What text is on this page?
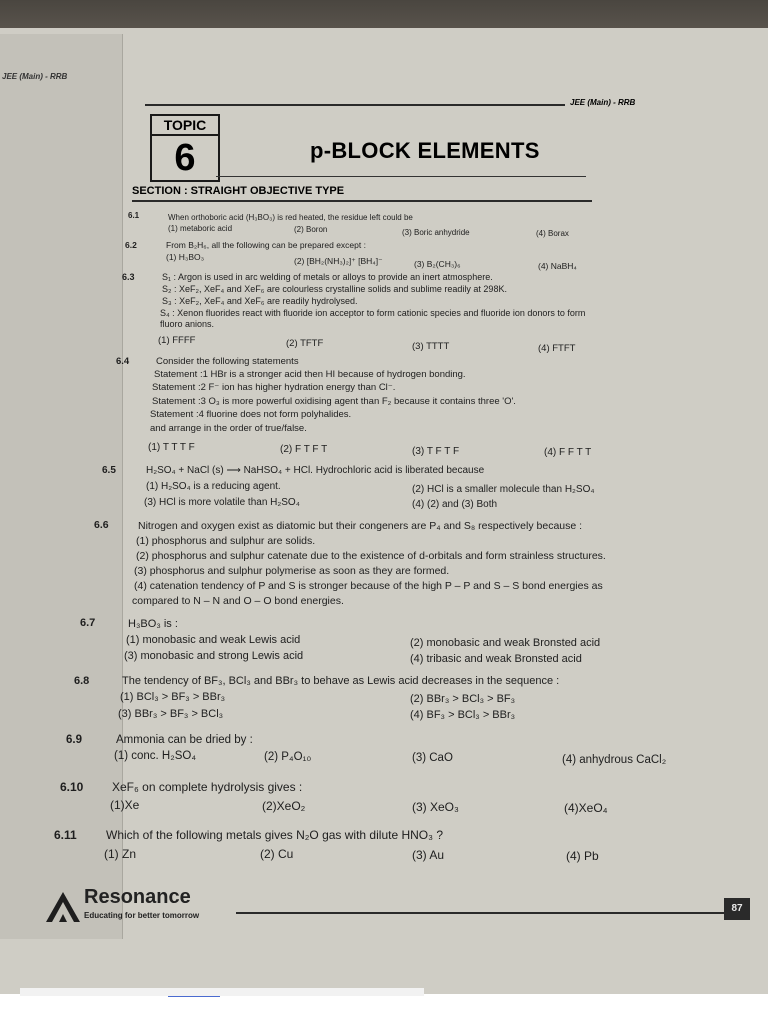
JEE (Main) - RRB
JEE (Main) - RRB
TOPIC
6	p-BLOCK ELEMENTS
SECTION : STRAIGHT OBJECTIVE TYPE
6.1	When orthoboric acid (H₃BO₃) is red heated, the residue left could be
(1) metaboric acid	(2) Boron	(3) Boric anhydride	(4) Borax
6.2	From B₂H₆, all the following can be prepared except :
(1) H₃BO₃	(2) [BH₂(NH₃)₂]⁺ [BH₄]⁻	(3) B₂(CH₃)₆	(4) NaBH₄
6.3	S₁ : Argon is used in arc welding of metals or alloys to provide an inert atmosphere.
S₂ : XeF₂, XeF₄ and XeF₆ are colourless crystalline solids and sublime readily at 298K.
S₃ : XeF₂, XeF₄ and XeF₆ are readily hydrolysed.
S₄ : Xenon fluorides react with fluoride ion acceptor to form cationic species and fluoride ion donors to form
fluoro anions.
(1) FFFF	(2) TFTF	(3) TTTT	(4) FTFT
6.4	Consider the following statements
Statement :1 HBr is a stronger acid then HI because of hydrogen bonding.
Statement :2 F⁻ ion has higher hydration energy than Cl⁻.
Statement :3 O₃ is more powerful oxidising agent than F₂ because it contains three 'O'.
Statement :4 fluorine does not form polyhalides.
and arrange in the order of true/false.
(1) T T T F	(2) F T F T	(3) T F T F	(4) F F T T
6.5	H₂SO₄ + NaCl (s) ⟶ NaHSO₄ + HCl. Hydrochloric acid is liberated because
(1) H₂SO₄ is a reducing agent.	(2) HCl is a smaller molecule than H₂SO₄
(3) HCl is more volatile than H₂SO₄	(4) (2) and (3) Both
6.6	Nitrogen and oxygen exist as diatomic but their congeners are P₄ and S₈ respectively because :
(1) phosphorus and sulphur are solids.
(2) phosphorus and sulphur catenate due to the existence of d-orbitals and form strainless structures.
(3) phosphorus and sulphur polymerise as soon as they are formed.
(4) catenation tendency of P and S is stronger because of the high P – P and S – S bond energies as
compared to N – N and O – O bond energies.
6.7	H₃BO₃ is :
(1) monobasic and weak Lewis acid	(2) monobasic and weak Bronsted acid
(3) monobasic and strong Lewis acid	(4) tribasic and weak Bronsted acid
6.8	The tendency of BF₃, BCl₃ and BBr₃ to behave as Lewis acid decreases in the sequence :
(1) BCl₃ > BF₃ > BBr₃	(2) BBr₃ > BCl₃ > BF₃
(3) BBr₃ > BF₃ > BCl₃	(4) BF₃ > BCl₃ > BBr₃
6.9	Ammonia can be dried by :
(1) conc. H₂SO₄	(2) P₄O₁₀	(3) CaO	(4) anhydrous CaCl₂
6.10 XeF₆ on complete hydrolysis gives :
(1)Xe	(2)XeO₂	(3) XeO₃	(4)XeO₄
6.11 Which of the following metals gives N₂O gas with dilute HNO₃ ?
(1) Zn	(2) Cu	(3) Au	(4) Pb
Resonance
Educating for better tomorrow
87
